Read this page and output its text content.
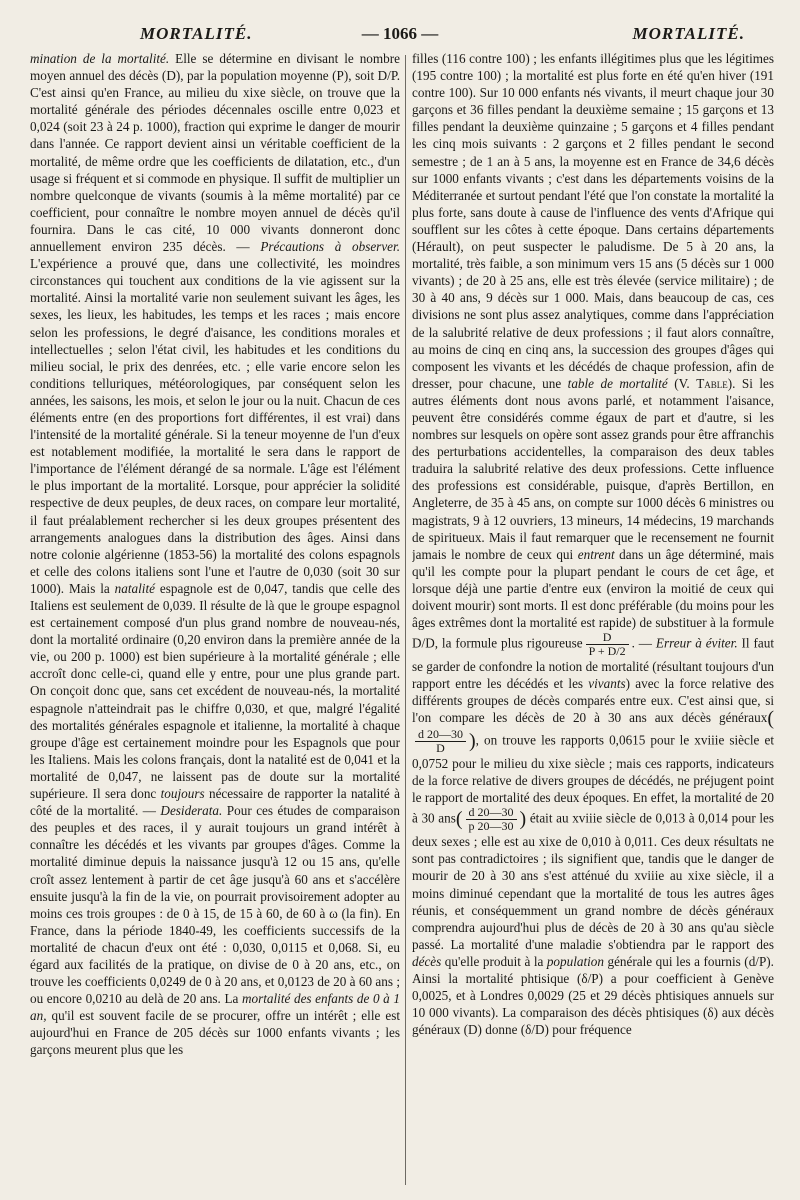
MORTALITÉ.	— 1066 —	MORTALITÉ.

mination de la mortalité. Elle se détermine en divisant le nombre moyen annuel des décès (D), par la population moyenne (P), soit D/P. C'est ainsi qu'en France, au milieu du xixe siècle, on trouve que la mortalité générale des périodes décennales oscille entre 0,023 et 0,024 (soit 23 à 24 p. 1000), fraction qui exprime le danger de mourir dans l'année. Ce rapport devient ainsi un véritable coefficient de la mortalité, de même ordre que les coefficients de dilatation, etc., d'un usage si fréquent et si commode en physique. Il suffit de multiplier un nombre quelconque de vivants (soumis à la même mortalité) par ce coefficient, pour connaître le nombre moyen annuel de décès qu'il fournira. Dans le cas cité, 10 000 vivants donneront donc annuellement environ 235 décès. — Précautions à observer. L'expérience a prouvé que, dans une collectivité, les moindres circonstances qui touchent aux conditions de la vie agissent sur la mortalité. Ainsi la mortalité varie non seulement suivant les âges, les sexes, les lieux, les habitudes, les temps et les races ; mais encore selon les professions, le degré d'aisance, les conditions morales et intellectuelles ; selon l'état civil, les habitudes et les conditions du milieu social, le prix des denrées, etc. ; elle varie encore selon les conditions telluriques, météorologiques, par conséquent selon les années, les saisons, les mois, et selon le jour ou la nuit. Chacun de ces éléments entre (en des proportions fort différentes, il est vrai) dans l'intensité de la mortalité générale. Si la teneur moyenne de l'un d'eux est notablement modifiée, la mortalité le sera dans le rapport de l'importance de l'élément dérangé de sa normale. L'âge est l'élément le plus important de la mortalité. Lorsque, pour apprécier la solidité respective de deux peuples, de deux races, on compare leur mortalité, il faut préalablement rechercher si les deux groupes présentent des arrangements analogues dans la distribution des âges. Ainsi dans notre colonie algérienne (1853-56) la mortalité des colons espagnols et celle des colons italiens sont l'une et l'autre de 0,030 (soit 30 sur 1000). Mais la natalité espagnole est de 0,047, tandis que celle des Italiens est seulement de 0,039. Il résulte de là que le groupe espagnol est certainement composé d'un plus grand nombre de nouveau-nés, dont la mortalité ordinaire (0,20 environ dans la première année de la vie, ou 200 p. 1000) est bien supérieure à la mortalité générale ; elle accroît donc celle-ci, quand elle y entre, pour une plus grande part. On conçoit donc que, sans cet excédent de nouveau-nés, la mortalité espagnole n'atteindrait pas le chiffre 0,030, et que, malgré l'égalité des mortalités générales espagnole et italienne, la mortalité à chaque groupe d'âge est certainement moindre pour les Espagnols que pour les Italiens. Mais les colons français, dont la natalité est de 0,041 et la mortalité de 0,047, ne laissent pas de doute sur la mortalité supérieure. Il sera donc toujours nécessaire de rapporter la natalité à côté de la mortalité. — Desiderata. Pour ces études de comparaison des peuples et des races, il y aurait toujours un grand intérêt à connaître les décédés et les vivants par groupes d'âges. Comme la mortalité diminue depuis la naissance jusqu'à 12 ou 15 ans, qu'elle croît assez lentement à partir de cet âge jusqu'à 60 ans et s'accélère ensuite jusqu'à la fin de la vie, on pourrait provisoirement adopter au moins ces trois groupes : de 0 à 15, de 15 à 60, de 60 à ω (la fin). En France, dans la période 1840-49, les coefficients successifs de la mortalité de chacun d'eux ont été : 0,030, 0,0115 et 0,068. Si, eu égard aux facilités de la pratique, on divise de 0 à 20 ans, etc., on trouve les coefficients 0,0249 de 0 à 20 ans, et 0,0123 de 20 à 60 ans ; ou encore 0,0210 au delà de 20 ans. La mortalité des enfants de 0 à 1 an, qu'il est souvent facile de se procurer, offre un intérêt ; elle est aujourd'hui en France de 205 décès sur 1000 enfants vivants ; les garçons meurent plus que les

filles (116 contre 100) ; les enfants illégitimes plus que les légitimes (195 contre 100) ; la mortalité est plus forte en été qu'en hiver (191 contre 100). Sur 10 000 enfants nés vivants, il meurt chaque jour 30 garçons et 36 filles pendant la deuxième semaine ; 15 garçons et 13 filles pendant la deuxième quinzaine ; 5 garçons et 4 filles pendant les cinq mois suivants : 2 garçons et 2 filles pendant le second semestre ; de 1 an à 5 ans, la moyenne est en France de 34,6 décès sur 1000 enfants vivants ; c'est dans les départements voisins de la Méditerranée et surtout pendant l'été que l'on constate la mortalité la plus forte, sans doute à cause de l'influence des vents d'Afrique qui soufflent sur les côtes à cette époque. Dans certains départements (Hérault), on peut suspecter le paludisme. De 5 à 20 ans, la mortalité, très faible, a son minimum vers 15 ans (5 décès sur 1 000 vivants) ; de 20 à 25 ans, elle est très élevée (service militaire) ; de 30 à 40 ans, 9 décès sur 1 000. Mais, dans beaucoup de cas, ces divisions ne sont plus assez analytiques, comme dans l'appréciation de la salubrité relative de deux professions ; il faut alors connaître, au moins de cinq en cinq ans, la succession des groupes d'âges qui composent les vivants et les décédés de chaque profession, afin de dresser, pour chacune, une table de mortalité (V. Table). Si les autres éléments dont nous avons parlé, et notamment l'aisance, peuvent être considérés comme égaux de part et d'autre, si les nombres sur lesquels on opère sont assez grands pour être affranchis des perturbations accidentelles, la comparaison des deux tables traduira la salubrité relative des deux professions. Cette influence des professions est considérable, puisque, d'après Bertillon, en Angleterre, de 35 à 45 ans, on compte sur 1000 décès 6 ministres ou magistrats, 9 à 12 ouvriers, 13 mineurs, 14 médecins, 19 marchands de spiritueux. Mais il faut remarquer que le recensement ne fournit jamais le nombre de ceux qui entrent dans un âge déterminé, mais qu'il les compte pour la plupart pendant le cours de cet âge, et lorsque déjà une partie d'entre eux (environ la moitié de ceux qui doivent mourir) sont morts. Il est donc préférable (du moins pour les âges extrêmes dont la mortalité est rapide) de substituer à la formule D/D, la formule plus rigoureuse $\frac{D}{P + D/2}$ . — Erreur à éviter. Il faut se garder de confondre la notion de mortalité (résultant toujours d'un rapport entre les décédés et les vivants) avec la force relative des différents groupes de décès comparés entre eux. C'est ainsi que, si l'on compare les décès de 20 à 30 ans aux décès généraux(
$\frac{d 20—30}{D}$ ), on trouve les rapports 0,0615 pour le xviiie siècle et 0,0752 pour le milieu du xixe siècle ; mais ces rapports, indicateurs de la force relative de divers groupes de décédés, ne préjugent point le rapport de mortalité des deux époques. En effet, la mortalité de 20 à 30 $ans( \frac{d 20—30}{p 20—30}$ ) était au xviiie siècle de 0,013 à 0,014 pour les deux sexes ; elle est au xixe de 0,010 à 0,011. Ces deux résultats ne sont pas contradictoires ; ils signifient que, tandis que le danger de mourir de 20 à 30 ans s'est atténué du xviiie au xixe siècle, il a moins diminué cependant que la mortalité de tous les autres âges réunis, et conséquemment un grand nombre de décès généraux comprendra aujourd'hui plus de décès de 20 à 30 ans qu'au siècle passé. La mortalité d'une maladie s'obtiendra par le rapport des décès qu'elle produit à la population générale qui les a fournis (d/P). Ainsi la mortalité phtisique (δ/P) a pour coefficient à Genève 0,0025, et à Londres 0,0029 (25 et 29 décès phtisiques annuels sur 10 000 vivants). La comparaison des décès phtisiques (δ) aux décès généraux (D) donne (δ/D) pour fréquence
